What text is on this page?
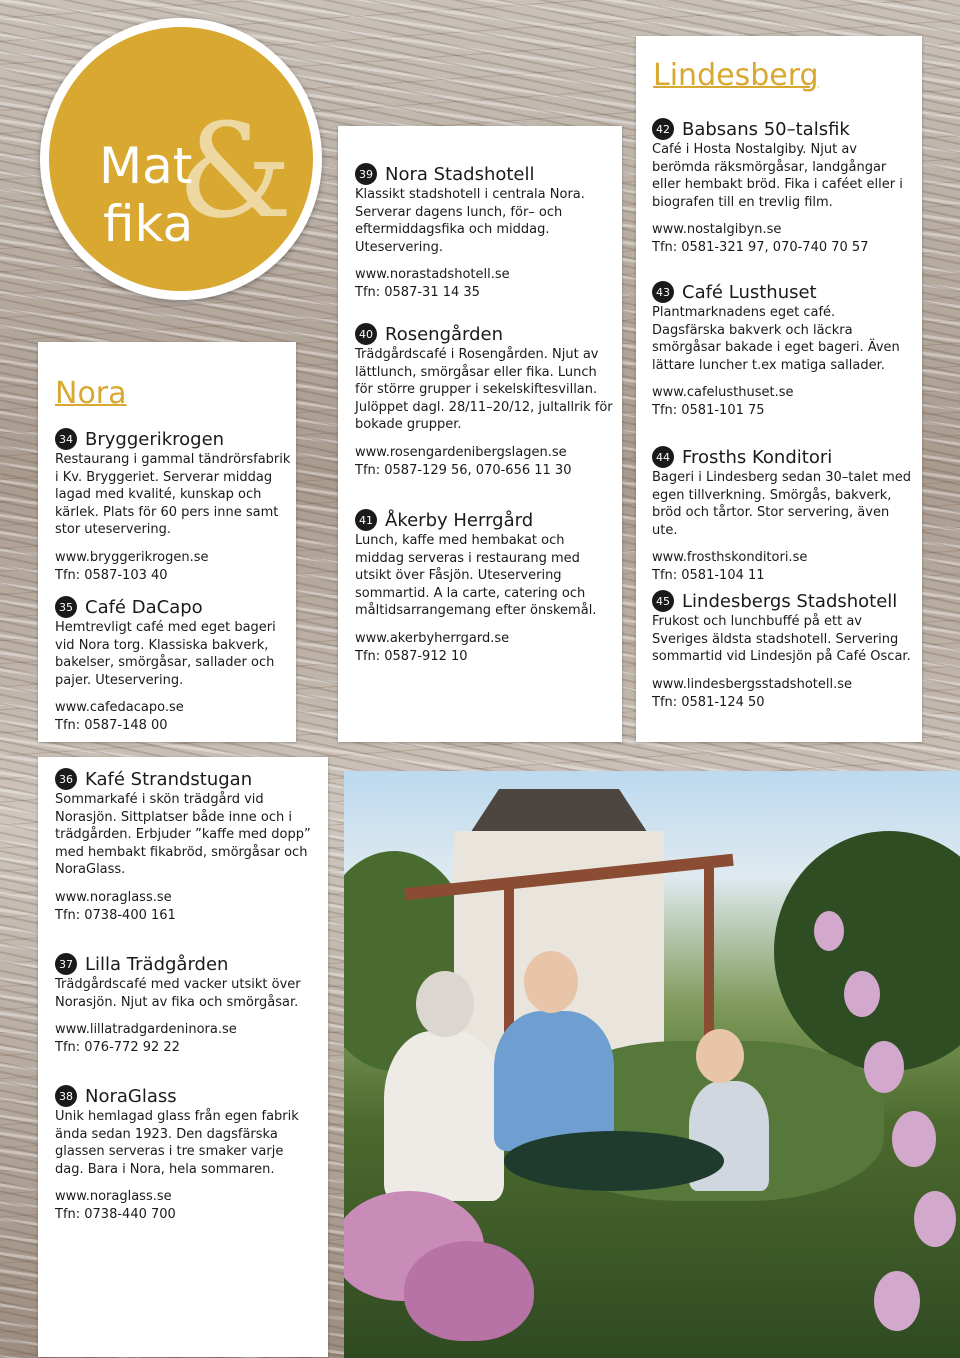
&
Mat
fika
Nora
34 Bryggerikrogen
Restaurang i gammal tändrörsfabrik i Kv. Bryggeriet. Serverar middag lagad med kvalité, kunskap och kärlek. Plats för 60 pers inne samt stor uteservering.
www.bryggerikrogen.se
Tfn: 0587-103 40
35 Café DaCapo
Hemtrevligt café med eget bageri vid Nora torg. Klassiska bakverk, bakelser, smörgåsar, sallader och pajer. Uteservering.
www.cafedacapo.se
Tfn: 0587-148 00
36 Kafé Strandstugan
Sommarkafé i skön trädgård vid Norasjön. Sittplatser både inne och i trädgården. Erbjuder ”kaffe med dopp” med hembakt fikabröd, smörgåsar och NoraGlass.
www.noraglass.se
Tfn: 0738-400 161
37 Lilla Trädgården
Trädgårdscafé med vacker utsikt över Norasjön. Njut av fika och smörgåsar.
www.lillatradgardeninora.se
Tfn: 076-772 92 22
38 NoraGlass
Unik hemlagad glass från egen fabrik ända sedan 1923. Den dagsfärska glassen serveras i tre smaker varje dag. Bara i Nora, hela sommaren.
www.noraglass.se
Tfn: 0738-440 700
39 Nora Stadshotell
Klassikt stadshotell i centrala Nora. Serverar dagens lunch, för– och eftermiddagsfika och middag. Uteservering.
www.norastadshotell.se
Tfn: 0587-31 14 35
40 Rosengården
Trädgårdscafé i Rosengården. Njut av lättlunch, smörgåsar eller fika. Lunch för större grupper i sekelskiftesvillan. Julöppet dagl. 28/11–20/12, jultallrik för bokade grupper.
www.rosengardenibergslagen.se
Tfn: 0587-129 56, 070-656 11 30
41 Åkerby Herrgård
Lunch, kaffe med hembakat och middag serveras i restaurang med utsikt över Fåsjön. Uteservering sommartid. A la carte, catering och måltidsarrangemang efter önskemål.
www.akerbyherrgard.se
Tfn: 0587-912 10
Lindesberg
42 Babsans 50–talsfik
Café i Hosta Nostalgiby. Njut av berömda räksmörgåsar, landgångar eller hembakt bröd. Fika i caféet eller i biografen till en trevlig film.
www.nostalgibyn.se
Tfn: 0581-321 97, 070-740 70 57
43 Café Lusthuset
Plantmarknadens eget café. Dagsfärska bakverk och läckra smörgåsar bakade i eget bageri. Även lättare luncher t.ex matiga sallader.
www.cafelusthuset.se
Tfn: 0581-101 75
44 Frosths Konditori
Bageri i Lindesberg sedan 30–talet med egen tillverkning. Smörgås, bakverk, bröd och tårtor. Stor servering, även ute.
www.frosthskonditori.se
Tfn: 0581-104 11
45 Lindesbergs Stadshotell
Frukost och lunchbuffé på ett av Sveriges äldsta stadshotell. Servering sommartid vid Lindesjön på Café Oscar.
www.lindesbergsstadshotell.se
Tfn: 0581-124 50
